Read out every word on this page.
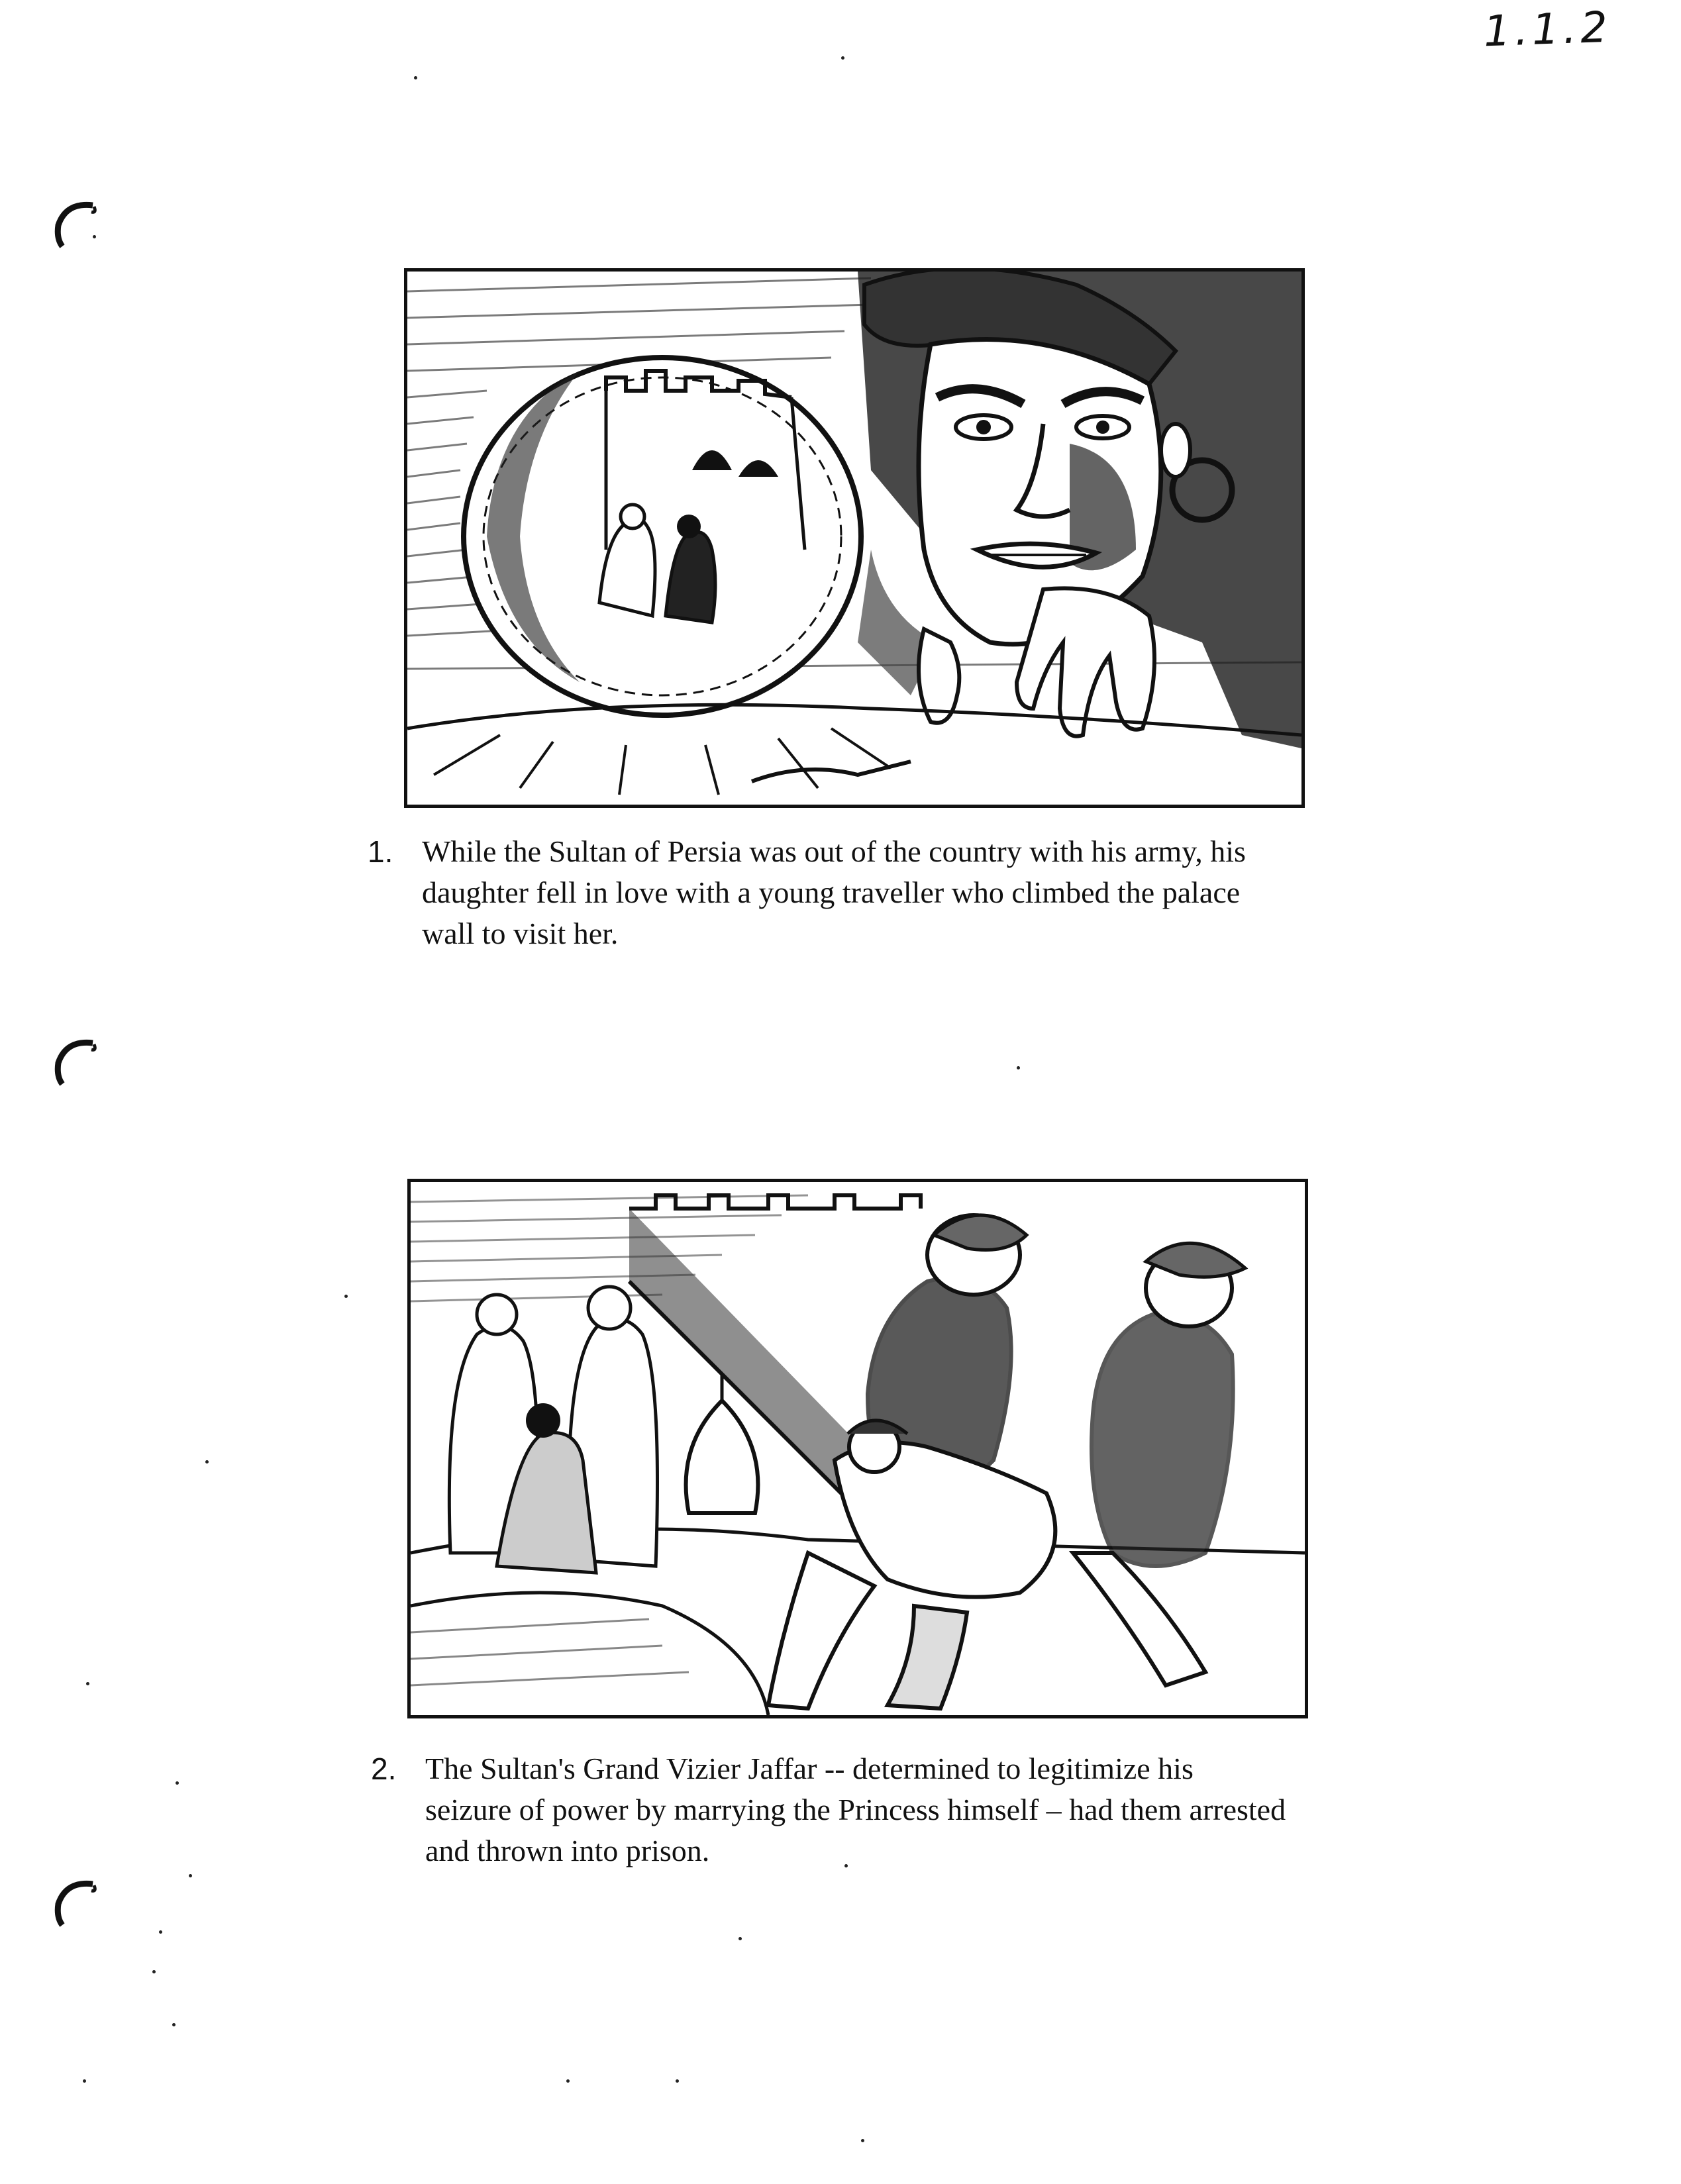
1.1.2
1. While the Sultan of Persia was out of the country with his army, his
daughter fell in love with a young traveller who climbed the palace
wall to visit her.
2. The Sultan's Grand Vizier Jaffar -- determined to legitimize his
seizure of power by marrying the Princess himself – had them arrested
and thrown into prison.
